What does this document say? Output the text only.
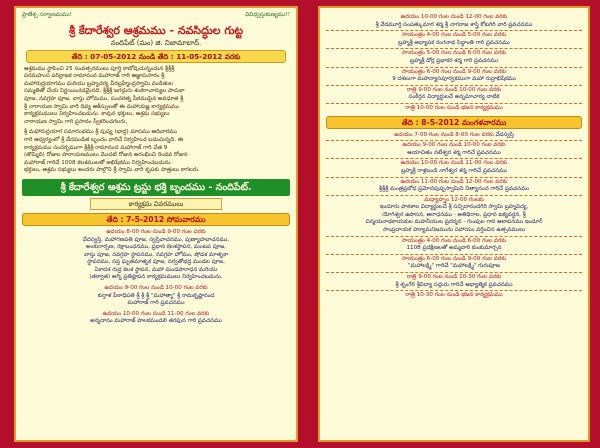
ప్రాణేశ్చ సర్వాణమము!	వివిధ్వస్తుకుణ్యము!!
శ్రీ కేదారేశ్వర ఆశ్రమము - నవసిద్ధుల గుట్ట
నందిపేట్ (మం) జి. నిజామాబాద్.
తేది : 07-05-2012 నుండి తేది : 11-05-2012 వరకు
ఆశ్రమము స్థాపించి 25 సంవత్సరములు పూర్తి కాబోవుచున్నందున శ్రీశ్రీశ్రీ
పరమహంస పరివ్రాజక రామానంద మహారాజ్ గారి ఆజ్ఞానుసారం శ్రీ
మహారుద్రయాగము మరియు బ్రహ్మచర్య వీరబ్రహ్మేంద్రస్వామి వండితుల
సమ్మతితో చేయ నిర్ణయించడమైనది. శ్రీశ్రీశ్రీ జగద్గురు శంకరాచార్యుల పాదుకా
పూజ, నవగ్రహ పూజ, వాస్తు హోమము, పంచరత్న పీఠముపైన అవధూత శ్రీ
శ్రీ నారాయణ స్వామి వారి దివ్య ఆశీస్సులతో ఈ మహాయజ్ఞ కార్యక్రమము
కార్యక్రమములు నిర్వహించబడును. కావున భక్తులు, ఆశ్రమ సభ్యులు
నారాయణ స్వామి గారి ప్రసాదం స్వీకరించగలరు.
శ్రీ మహారుద్రయాగ సమారంభము శ్రీ పుష్య (భాద్ర) మాసము ఆదివారము
గారి ఆధ్వర్యంలో శ్రీ వేదపండిత బృందం వారిచే నిర్వహించ బడుచున్నది. ఈ
కార్యక్రమము సందర్భముగా శ్రీశ్రీశ్రీ రామానంద మహారాజ్ గారి చేత 9
(తొమ్మిది) రోజుల పారాయణములు మొదటి రోజున ఆరంభించి రెండవ రోజున
మహారాజ్ గారిచే 1008 కలశములతో అభిషేకము నిర్వహించబడును.
భక్తులు, ఆశ్రమ సభ్యులు అందరు పాల్గొని శ్రీ స్వామి వారి కృపకు పాత్రులు కాగలరు.
శ్రీ కేదారేశ్వర ఆశ్రమ ట్రస్టు భక్తి బృందము - నందిపేట్.
కార్యక్రమ వివరములు
తేది : 7-5-2012 సోమవారము
ఉదయం 8-00 గంల నుండి 9-00 గంల వరకు
వేదస్వస్తి, మహాగణపతి పూజ, స్వస్తివాచనము, పుణ్యాహవాచనము,
అంకురార్పణ, రక్షాబంధనము, ప్రధాన కలశస్థాపన, మంటప పూజ,
వాస్తు పూజ, నవగ్రహ స్థాపనము, నవగ్రహ హోమం, షోడశ మాతృకా
స్థాపనము, సప్త ఘృతమాతృక పూజ, సర్వతోభద్ర మండల పూజ,
ఏకాదశ రుద్ర కలశ స్థాపన, మహా మండపారాధన మరియు
(తర్వాత) అగ్ని ప్రతిష్ఠాపన కార్యక్రమములు నిర్వహించబడును.
ఉదయం 9-00 గంల నుండి 10-00 గంల వరకు
కుర్తాళ పీఠాధిపతి శ్రీ శ్రీ శ్రీ "మహాత్మా" శ్రీ రామకృష్ణానంద
మహారాజ్ గారి ప్రవచనము
ఉదయం 10-00 గంల నుండి 11-00 గంల వరకు
అన్నదానం మహారాజ్ పాలకమండలి తరఫున గారి ప్రవచనము
ఉదయం 10-00 గంల నుండి 12-00 గంల వరకు
శ్రీ వేదమూర్తి సంపత్కుమార శర్మ శ్రీ నాగరాజ శాస్త్రి కోటగిరి వారి ప్రవచనము
సాయంత్రం 4-00 గంల నుండి 5-00 గంల వరకు
బ్రహ్మశ్రీ అధ్యాపక రంగనాథ సిద్ధాంతి గారి ప్రవచనము
సాయంత్రం 5-00 గంల నుండి 6-00 గంల వరకు
బ్రహ్మశ్రీ డోర్ల ప్రభాకర శర్మ గారి ప్రవచనము
సాయంత్రం 6-00 గంల నుండి 9-00 గంల వరకు
9 దశలుగా మహన్యాసపూర్వకముగా మహా రుద్రాభిషేకము
రాత్రి 9-00 గంల నుండి 10-00 గంల వరకు
సంకీర్తన విద్యార్థులచే అన్నమాచార్య నాటిక
రాత్రి 10-00 గంల నుండి భజన కార్యక్రమము
తేది : 8-5-2012 మంగళవారము
ఉదయం 7-00 గంల నుండి 8-00 గంల వరకు వేదస్వస్తి
ఉదయం 9-00 గంల నుండి 10-00 గంల వరకు
ఆయాచితం నటేశ్వర శర్మ గారిచే ప్రవచనము
ఉదయం 10-00 గంల నుండి 11-00 గంల వరకు
బ్రహ్మశ్రీ రాళ్లబండి నాగేశ్వర శర్మ గారిచే ప్రవచనము
ఉదయం 11-00 గంల నుండి 12-00 గంల వరకు
శ్రీశ్రీశ్రీ మంత్రప్రబోధ ప్రమోదపుష్పస్వామిని నిత్యానంద గారిచే ప్రవచనము
మధ్యాహ్నం 12-00 గంలకు
ఇందూరు పాఠశాల విద్యార్థులచే శ్రీ సచ్చిదానందగిరి స్వామి బ్రహ్మవిద్య,
యోగిశ్వర ఉపాసన, ఆరాధనము - అతిథిరాల, ప్రధాన ఐక్యవర్ధన, శ్రీ
చిన్మయనాథకాయకుల మహనీయుల ప్రదర్శన - గుంపుల గాన ఆలాపనము ఇందూర్
సాంప్రదాయక హ్యూమనిజమును సహాయం వర్తించిన ఉత్సవములు
సాయంత్రం 4-00 గంల నుండి 6-00 గంల వరకు
1108 ప్రదక్షిణలతో అమ్మవారి కుంకుమార్చన
సాయంత్రం 6-00 గంల నుండి 9-00 గంల వరకు
"మహాలక్ష్మి" గారిచే "మహాలక్ష్మి" గురుపూజ
రాత్రి 9-00 గంల నుండి 10-30 గంల వరకు
శ్రీ శృంగేరి శ్రీవిద్యా సద్గురు గారిచే ఆధ్యాత్మిక ప్రవచనము
రాత్రి 10-30 గంల నుండి భజన కార్యక్రమము
